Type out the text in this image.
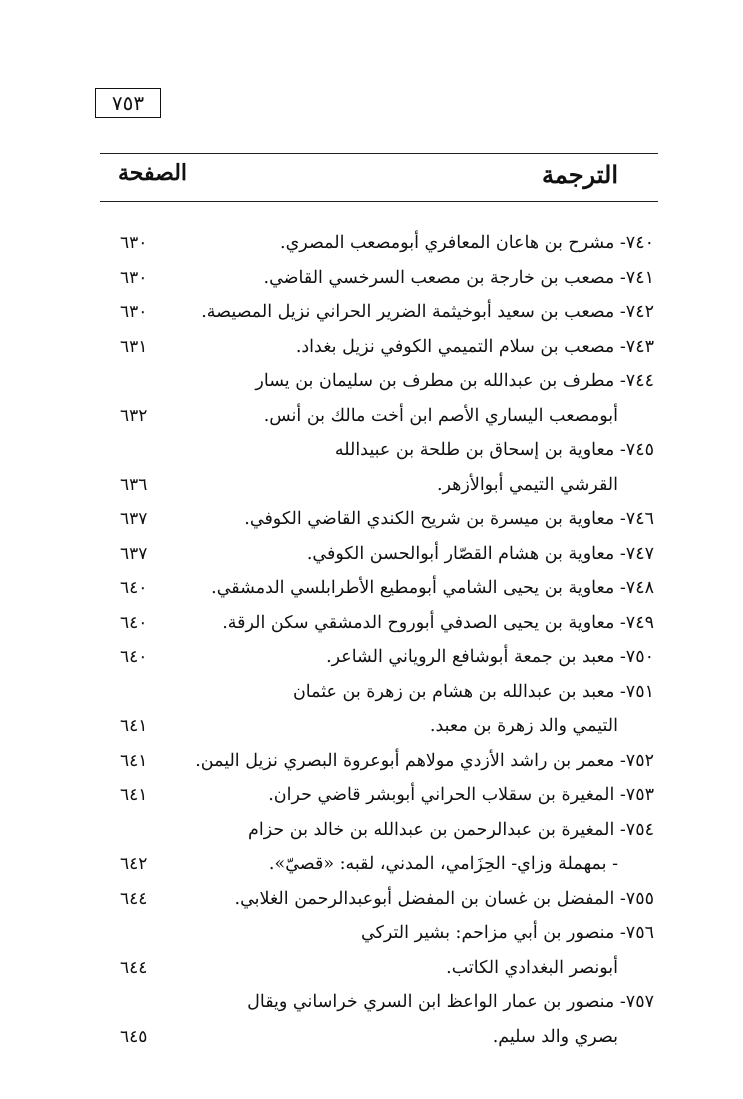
٧٥٣
الترجمة
الصفحة
٧٤٠- مشرح بن هاعان المعافري أبومصعب المصري.
٦٣٠
٧٤١- مصعب بن خارجة بن مصعب السرخسي القاضي.
٦٣٠
٧٤٢- مصعب بن سعيد أبوخيثمة الضرير الحراني نزيل المصيصة.
٦٣٠
٧٤٣- مصعب بن سلام التميمي الكوفي نزيل بغداد.
٦٣١
٧٤٤- مطرف بن عبدالله بن مطرف بن سليمان بن يسار
أبومصعب اليساري الأصم ابن أخت مالك بن أنس.
٦٣٢
٧٤٥- معاوية بن إسحاق بن طلحة بن عبيدالله
القرشي التيمي أبوالأزهر.
٦٣٦
٧٤٦- معاوية بن ميسرة بن شريح الكندي القاضي الكوفي.
٦٣٧
٧٤٧- معاوية بن هشام القصّار أبوالحسن الكوفي.
٦٣٧
٧٤٨- معاوية بن يحيى الشامي أبومطيع الأطرابلسي الدمشقي.
٦٤٠
٧٤٩- معاوية بن يحيى الصدفي أبوروح الدمشقي سكن الرقة.
٦٤٠
٧٥٠- معبد بن جمعة أبوشافع الروياني الشاعر.
٦٤٠
٧٥١- معبد بن عبدالله بن هشام بن زهرة بن عثمان
التيمي والد زهرة بن معبد.
٦٤١
٧٥٢- معمر بن راشد الأزدي مولاهم أبوعروة البصري نزيل اليمن.
٦٤١
٧٥٣- المغيرة بن سقلاب الحراني أبوبشر قاضي حران.
٦٤١
٧٥٤- المغيرة بن عبدالرحمن بن عبدالله بن خالد بن حزام
- بمهملة وزاي- الحِزَامي، المدني، لقبه: «قصيّ».
٦٤٢
٧٥٥- المفضل بن غسان بن المفضل أبوعبدالرحمن الغلابي.
٦٤٤
٧٥٦- منصور بن أبي مزاحم: بشير التركي
أبونصر البغدادي الكاتب.
٦٤٤
٧٥٧- منصور بن عمار الواعظ ابن السري خراساني ويقال
بصري والد سليم.
٦٤٥
